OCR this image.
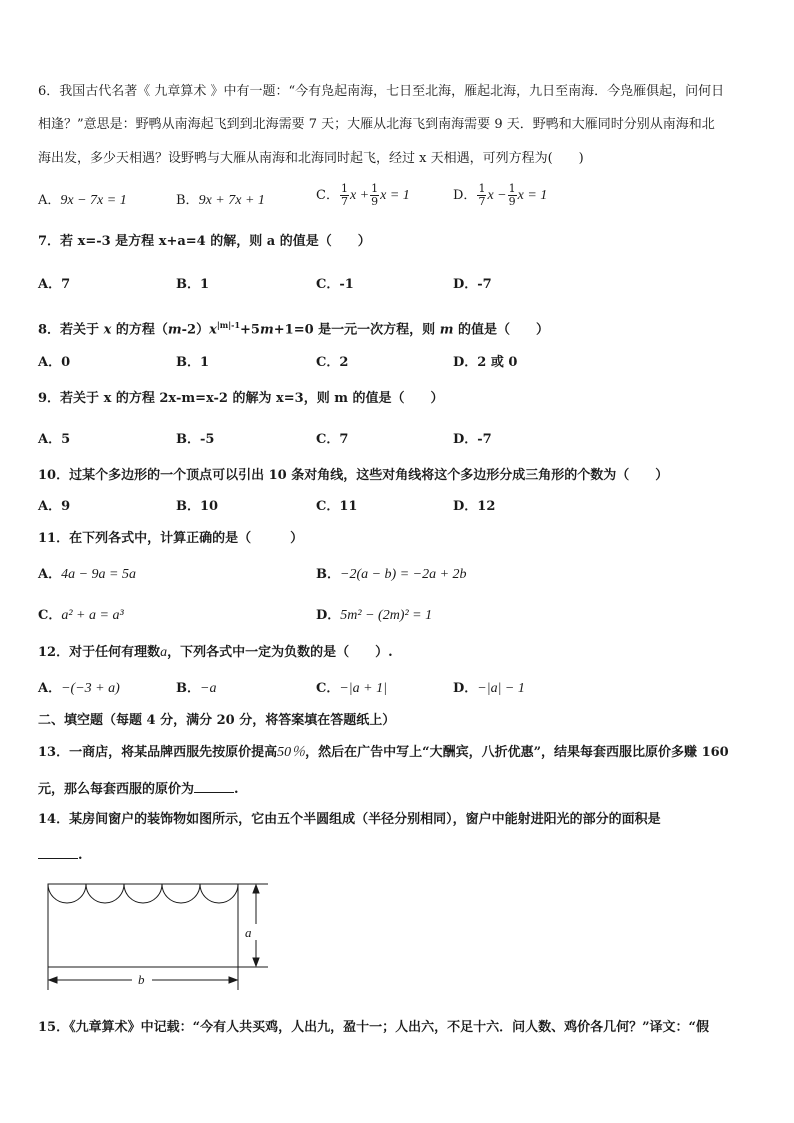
6．我国古代名著《 九章算术 》中有一题：“今有凫起南海，七日至北海，雁起北海，九日至南海．今凫雁俱起，问何日
相逢？”意思是：野鸭从南海起飞到到北海需要 7 天；大雁从北海飞到南海需要 9 天．野鸭和大雁同时分别从南海和北
海出发，多少天相遇？设野鸭与大雁从南海和北海同时起飞，经过 x 天相遇，可列方程为(　　)
A．9x − 7x = 1	B．9x + 7x + 1	C． $\frac{1}{7}$ $x + \frac{1}{9}$ x = 1	D． $\frac{1}{7}$ $x - \frac{1}{9}$ x = 1
7．若 x=-3 是方程 x+a=4 的解，则 a 的值是（　　）
A．7	B．1	C．-1	D．-7
8．若关于 x 的方程$(m-2)x^{|m|-1}+5m+1=0$ 是一元一次方程，则 m 的值是（　　）
A．0	B．1	C．2	D．2 或 0
9．若关于 x 的方程 2x-m=x-2 的解为 x=3，则 m 的值是（　　）
A．5	B．-5	C．7	D．-7
10．过某个多边形的一个顶点可以引出 10 条对角线，这些对角线将这个多边形分成三角形的个数为（　　）
A．9	B．10	C．11	D．12
11．在下列各式中，计算正确的是（　　　）
A．4a − 9a = 5a	B．−2(a − b) = −2a + 2b
C．a² + a = a³	D．5m² − (2m)² = 1
12．对于任何有理数a，下列各式中一定为负数的是（　　）.
A．−(−3 + a)	B．−a	C．−|a + 1|	D．−|a| − 1
二、填空题（每题 4 分，满分 20 分，将答案填在答题纸上）
13．一商店，将某品牌西服先按原价提高50％，然后在广告中写上“大酬宾，八折优惠”，结果每套西服比原价多赚 160
元，那么每套西服的原价为	.
14．某房间窗户的装饰物如图所示，它由五个半圆组成（半径分别相同），窗户中能射进阳光的部分的面积是
.
a
b
15．《九章算术》中记载：“今有人共买鸡，人出九，盈十一；人出六，不足十六．问人数、鸡价各几何？”译文：“假
